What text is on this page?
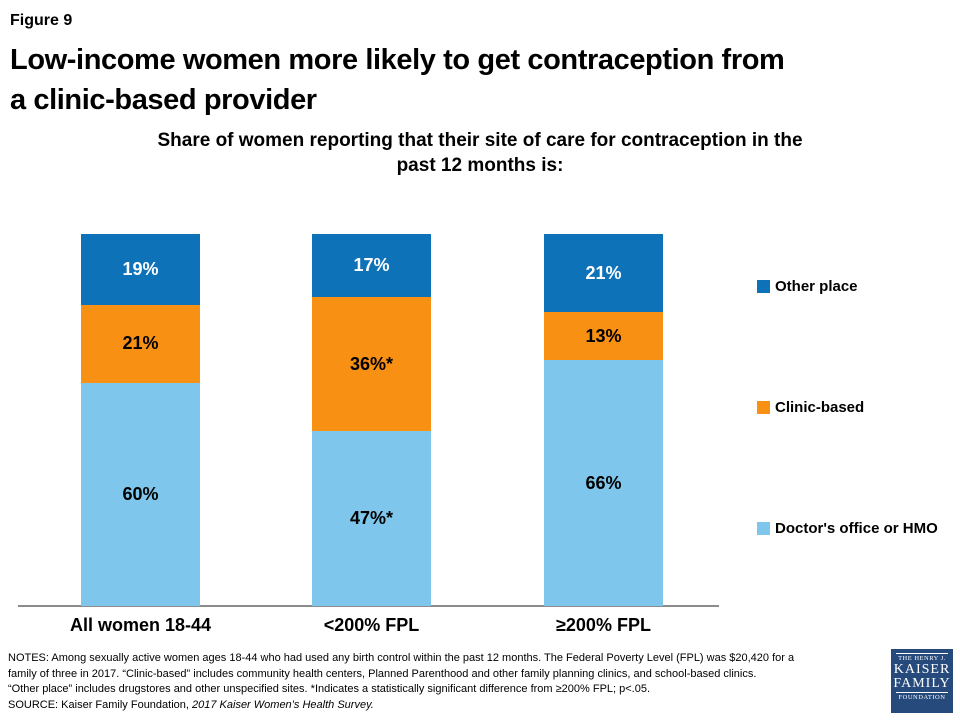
Figure 9
Low-income women more likely to get contraception from
a clinic-based provider
Share of women reporting that their site of care for contraception in the
past 12 months is:
19%
21%
60%
All women 18-44
17%
36%*
47%*
<200% FPL
21%
13%
66%
≥200% FPL
Other place
Clinic-based
Doctor's office or HMO
NOTES: Among sexually active women ages 18-44 who had used any birth control within the past 12 months. The Federal Poverty Level (FPL) was $20,420 for a
family of three in 2017. “Clinic-based” includes community health centers, Planned Parenthood and other family planning clinics, and school-based clinics.
“Other place” includes drugstores and other unspecified sites. *Indicates a statistically significant difference from ≥200% FPL; p<.05.
SOURCE: Kaiser Family Foundation, 2017 Kaiser Women’s Health Survey.
THE HENRY J.
KAISER
FAMILY
FOUNDATION
